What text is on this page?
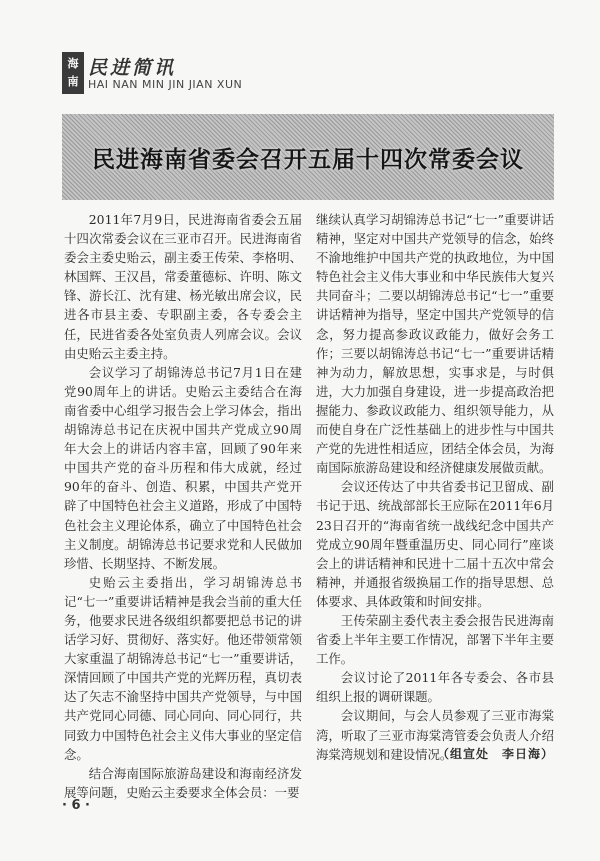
海
南
民进简讯
HAI NAN MIN JIN JIAN XUN
民进海南省委会召开五届十四次常委会议

2011年7月9日，民进海南省委会五届十四次常委会议在三亚市召开。民进海南省委会主委史贻云，副主委王传荣、李格明、林国辉、王汉昌，常委董德标、许明、陈文锋、游长江、沈有建、杨光敏出席会议，民进各市县主委、专职副主委，各专委会主任，民进省委各处室负责人列席会议。会议由史贻云主委主持。

会议学习了胡锦涛总书记7月1日在建党90周年上的讲话。史贻云主委结合在海南省委中心组学习报告会上学习体会，指出胡锦涛总书记在庆祝中国共产党成立90周年大会上的讲话内容丰富，回顾了90年来中国共产党的奋斗历程和伟大成就，经过90年的奋斗、创造、积累，中国共产党开辟了中国特色社会主义道路，形成了中国特色社会主义理论体系，确立了中国特色社会主义制度。胡锦涛总书记要求党和人民做加珍惜、长期坚持、不断发展。

史贻云主委指出，学习胡锦涛总书记“七一”重要讲话精神是我会当前的重大任务，他要求民进各级组织都要把总书记的讲话学习好、贯彻好、落实好。他还带领常领大家重温了胡锦涛总书记“七一”重要讲话，深情回顾了中国共产党的光辉历程，真切表达了矢志不渝坚持中国共产党领导，与中国共产党同心同德、同心同向、同心同行，共同致力中国特色社会主义伟大事业的坚定信念。

结合海南国际旅游岛建设和海南经济发展等问题，史贻云主委要求全体会员：一要

继续认真学习胡锦涛总书记“七一”重要讲话精神，坚定对中国共产党领导的信念，始终不渝地维护中国共产党的执政地位，为中国特色社会主义伟大事业和中华民族伟大复兴共同奋斗；二要以胡锦涛总书记“七一”重要讲话精神为指导，坚定中国共产党领导的信念，努力提高参政议政能力，做好会务工作；三要以胡锦涛总书记“七一”重要讲话精神为动力，解放思想，实事求是，与时俱进，大力加强自身建设，进一步提高政治把握能力、参政议政能力、组织领导能力，从而使自身在广泛性基础上的进步性与中国共产党的先进性相适应，团结全体会员，为海南国际旅游岛建设和经济健康发展做贡献。

会议还传达了中共省委书记卫留成、副书记于迅、统战部部长王应际在2011年6月23日召开的“海南省统一战线纪念中国共产党成立90周年暨重温历史、同心同行”座谈会上的讲话精神和民进十二届十五次中常会精神，并通报省级换届工作的指导思想、总体要求、具体政策和时间安排。

王传荣副主委代表主委会报告民进海南省委上半年主要工作情况，部署下半年主要工作。

会议讨论了2011年各专委会、各市县组织上报的调研课题。

会议期间，与会人员参观了三亚市海棠湾，听取了三亚市海棠湾管委会负责人介绍海棠湾规划和建设情况。

（组宣处　李日海）
· 6 ·
